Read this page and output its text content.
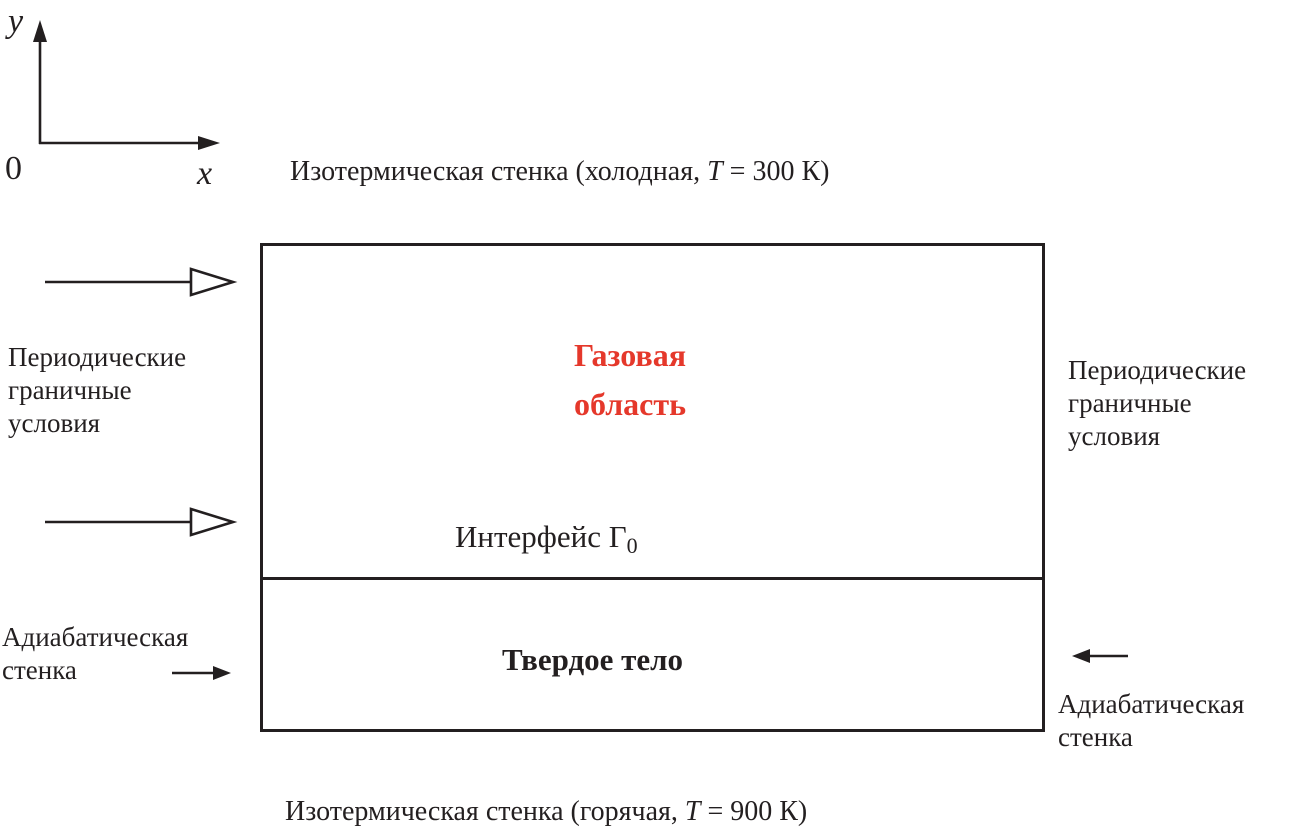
y
0	x	Изотермическая стенка (холодная, T = 300 К)
Газовая
область
Интерфейс $\Gamma_0$
Твердое тело
Периодические
граничные
условия
Периодические
граничные
условия
Адиабатическая
стенка
Адиабатическая
стенка
Изотермическая стенка (горячая, T = 900 К)
